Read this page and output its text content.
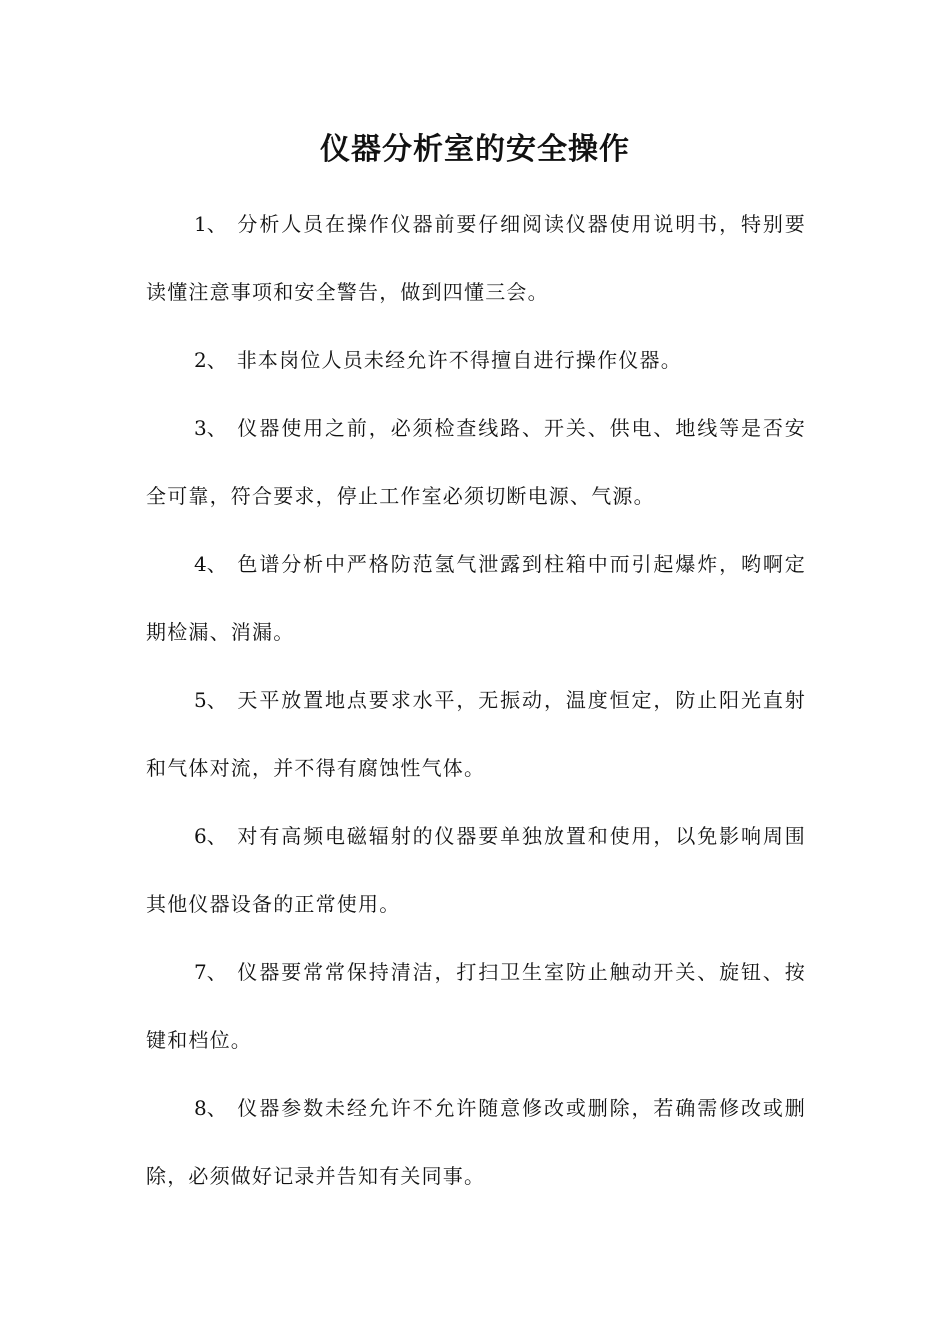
仪器分析室的安全操作

1、 分析人员在操作仪器前要仔细阅读仪器使用说明书，特别要读懂注意事项和安全警告，做到四懂三会。

2、 非本岗位人员未经允许不得擅自进行操作仪器。

3、 仪器使用之前，必须检查线路、开关、供电、地线等是否安全可靠，符合要求，停止工作室必须切断电源、气源。

4、 色谱分析中严格防范氢气泄露到柱箱中而引起爆炸，哟啊定期检漏、消漏。

5、 天平放置地点要求水平，无振动，温度恒定，防止阳光直射和气体对流，并不得有腐蚀性气体。

6、 对有高频电磁辐射的仪器要单独放置和使用，以免影响周围其他仪器设备的正常使用。

7、 仪器要常常保持清洁，打扫卫生室防止触动开关、旋钮、按键和档位。

8、 仪器参数未经允许不允许随意修改或删除，若确需修改或删除，必须做好记录并告知有关同事。
